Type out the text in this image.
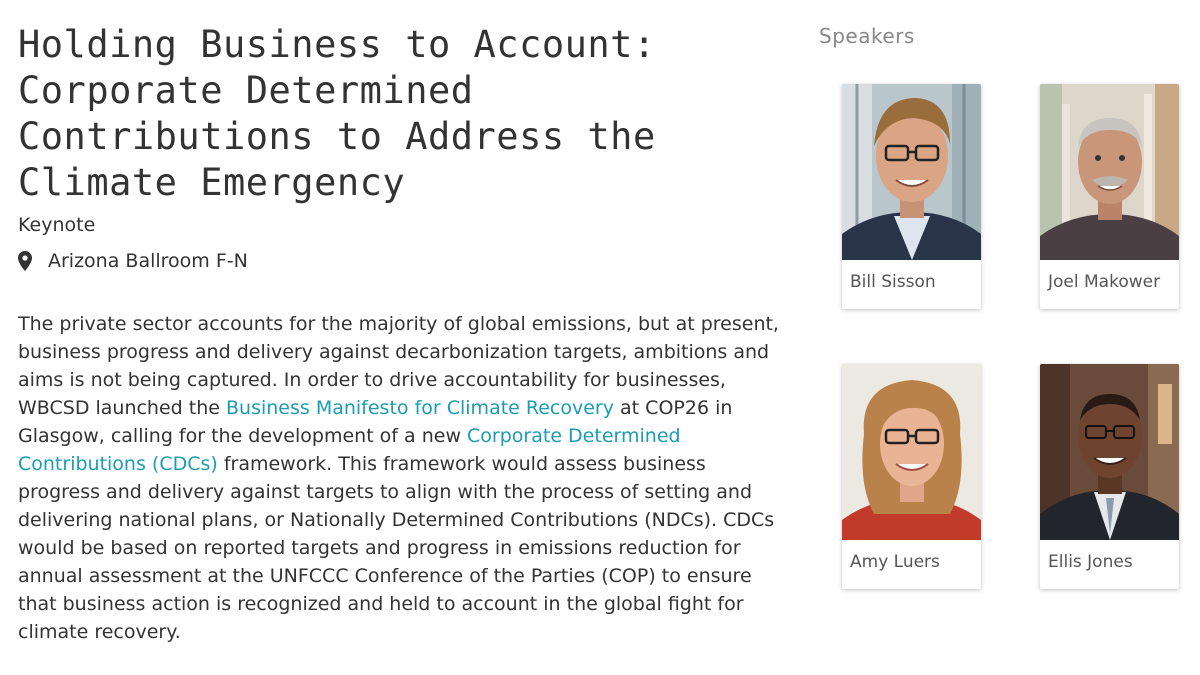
Holding Business to Account:
Corporate Determined
Contributions to Address the
Climate Emergency
Keynote
Arizona Ballroom F-N

The private sector accounts for the majority of global emissions, but at present, business progress and delivery against decarbonization targets, ambitions and aims is not being captured. In order to drive accountability for businesses, WBCSD launched the Business Manifesto for Climate Recovery at COP26 in Glasgow, calling for the development of a new Corporate Determined Contributions (CDCs) framework. This framework would assess business progress and delivery against targets to align with the process of setting and delivering national plans, or Nationally Determined Contributions (NDCs). CDCs would be based on reported targets and progress in emissions reduction for annual assessment at the UNFCCC Conference of the Parties (COP) to ensure that business action is recognized and held to account in the global fight for climate recovery.

Speakers
Bill Sisson	Joel Makower
Amy Luers	Ellis Jones
